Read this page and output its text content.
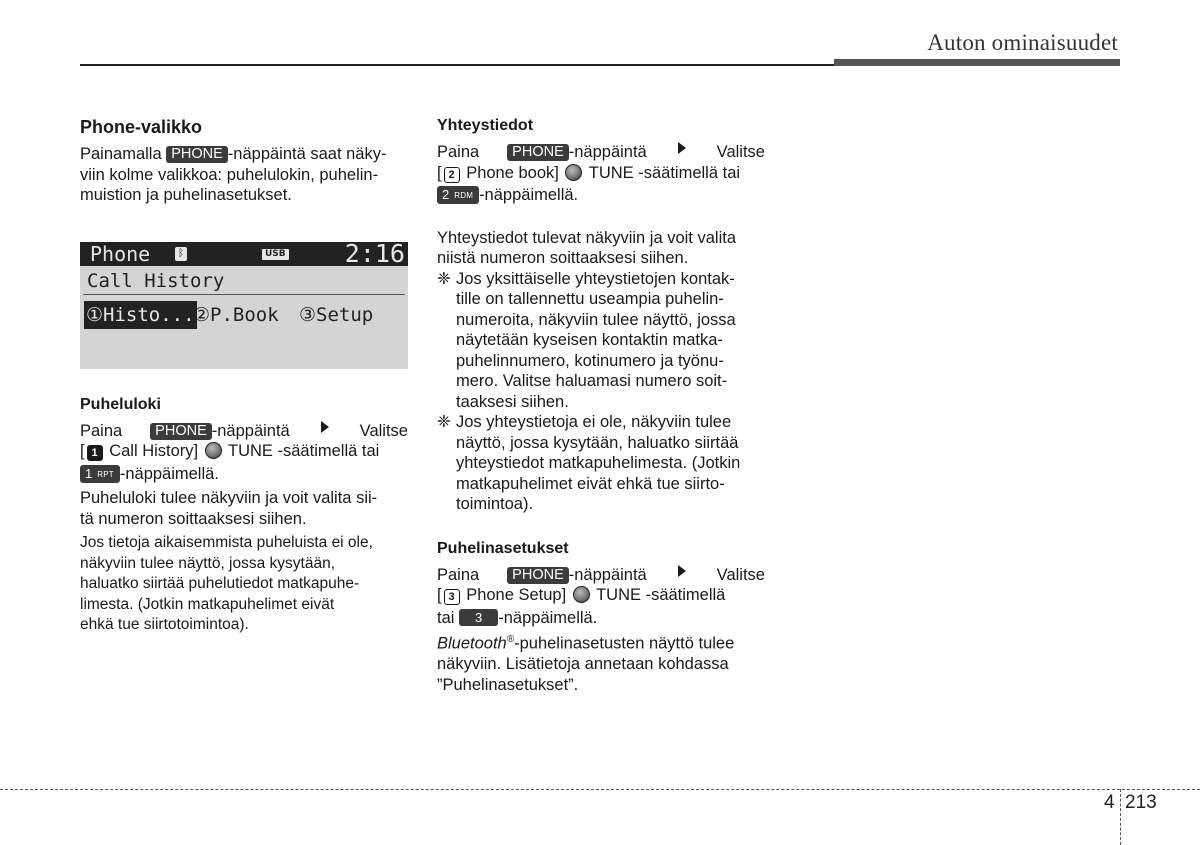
Auton ominaisuudet
Phone-valikko

Painamalla PHONE -näppäintä saat näky-
viin kolme valikkoa: puhelulokin, puhelin-
muistion ja puhelinasetukset.

Phone	ᛒ	USB 2:16
Call History
①Histo...
②P.Book ③Setup
Puheluloki
Paina	PHONE -näppäintä	Valitse
[ 1 Call History] TUNE -säätimellä tai
1 RPT -näppäimellä.

Puheluloki tulee näkyviin ja voit valita sii-
tä numeron soittaaksesi siihen.

Jos tietoja aikaisemmista puheluista ei ole,
näkyviin tulee näyttö, jossa kysytään,
haluatko siirtää puhelutiedot matkapuhe-
limesta. (Jotkin matkapuhelimet eivät
ehkä tue siirtotoimintoa).

Yhteystiedot
Paina	PHONE -näppäintä	Valitse
[ 2 Phone book] TUNE -säätimellä tai
2 RDM -näppäimellä.

Yhteystiedot tulevat näkyviin ja voit valita
niistä numeron soittaaksesi siihen.

❈ Jos yksittäiselle yhteystietojen kontak-
tille on tallennettu useampia puhelin-
numeroita, näkyviin tulee näyttö, jossa
näytetään kyseisen kontaktin matka-
puhelinnumero, kotinumero ja työnu-
mero. Valitse haluamasi numero soit-
taaksesi siihen.
❈ Jos yhteystietoja ei ole, näkyviin tulee
näyttö, jossa kysytään, haluatko siirtää
yhteystiedot matkapuhelimesta. (Jotkin
matkapuhelimet eivät ehkä tue siirto-
toimintoa).
Puhelinasetukset
Paina	PHONE -näppäintä	Valitse
[ 3 Phone Setup] TUNE -säätimellä
tai 3 -näppäimellä.

Bluetooth®-puhelinasetusten näyttö tulee
näkyviin. Lisätietoja annetaan kohdassa
”Puhelinasetukset”.

4 213
